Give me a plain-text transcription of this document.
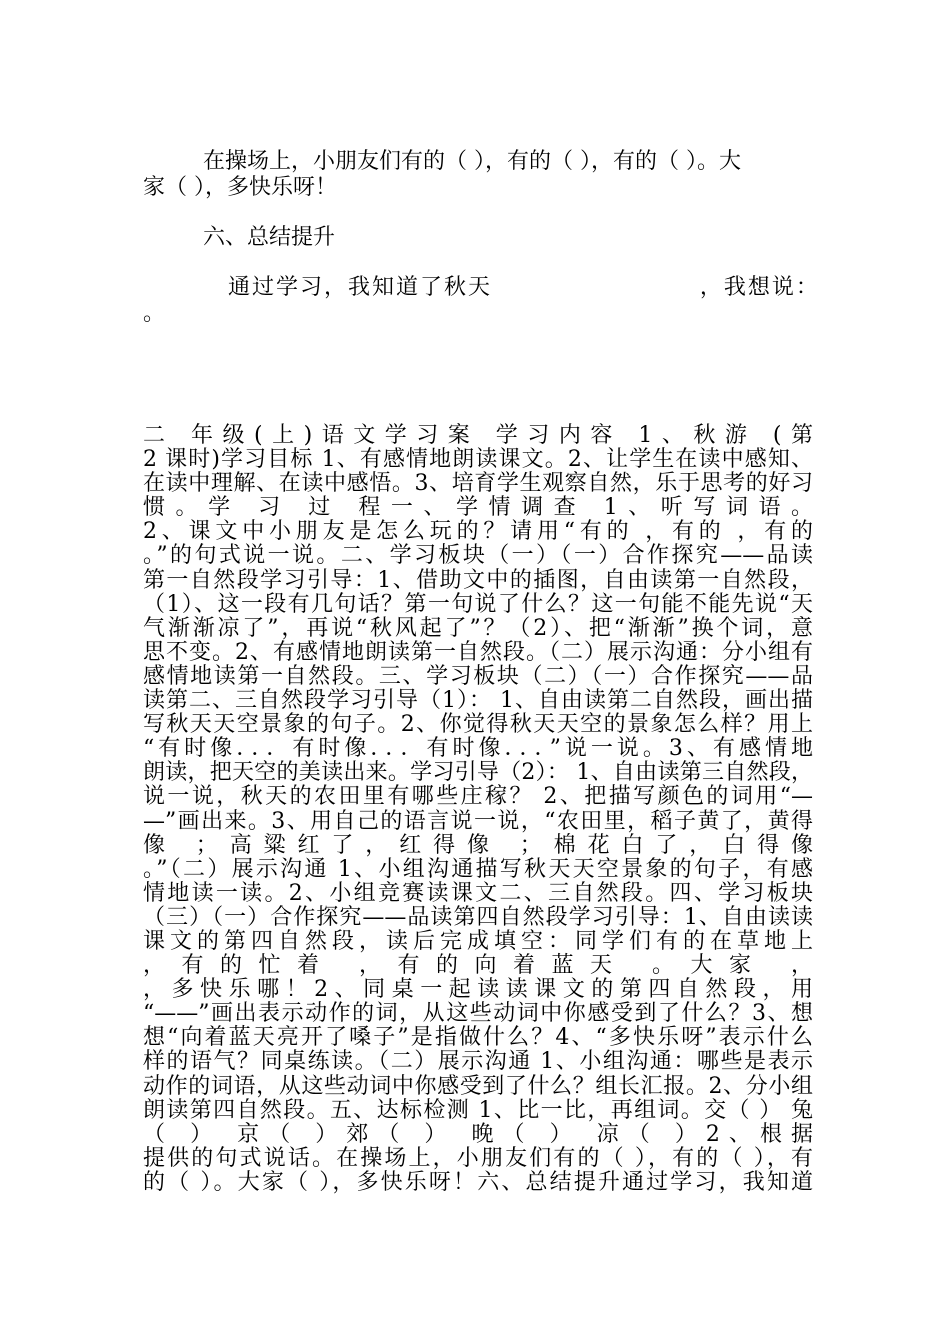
在操场上，小朋友们有的（ ），有的（ ），有的（ ）。大
家（ ），多快乐呀！
六、总结提升
通过学习，我知道了秋天                ，我想说：
。
二 年级(上)语文学习案 学习内容 1、秋游 (第
2 课时)学习目标 1、有感情地朗读课文。2、让学生在读中感知、
在读中理解、在读中感悟。3、培育学生观察自然，乐于思考的好习
惯。学 习 过 程一、学情调查 1、听写词语。
2、课文中小朋友是怎么玩的？请用“有的 ，有的 ，有的
。”的句式说一说。二、学习板块（一）（一）合作探究——品读
第一自然段学习引导：1、借助文中的插图，自由读第一自然段，
（1）、这一段有几句话？第一句说了什么？这一句能不能先说“天
气渐渐凉了”，再说“秋风起了”？（2）、把“渐渐”换个词，意
思不变。2、有感情地朗读第一自然段。（二）展示沟通：分小组有
感情地读第一自然段。三、学习板块（二）（一）合作探究——品
读第二、三自然段学习引导（1）： 1、自由读第二自然段，画出描
写秋天天空景象的句子。2、你觉得秋天天空的景象怎么样？用上
“有时像．．．有时像．．．有时像．．．”说一说。3、有感情地
朗读，把天空的美读出来。学习引导（2）： 1、自由读第三自然段，
说一说，秋天的农田里有哪些庄稼？ 2、把描写颜色的词用“—
—”画出来。3、用自己的语言说一说，“农田里，稻子黄了，黄得
像 ；高粱红了，红得像 ；棉花白了，白得像
。”（二）展示沟通 1、小组沟通描写秋天天空景象的句子，有感
情地读一读。2、小组竞赛读课文二、三自然段。四、学习板块
（三）（一）合作探究——品读第四自然段学习引导：1、自由读读
课文的第四自然段，读后完成填空：同学们有的在草地上
，有的忙着 ，有的向着蓝天 。大家 ，
，多快乐哪！2、同桌一起读读课文的第四自然段，用
“——”画出表示动作的词，从这些动词中你感受到了什么？3、想
想“向着蓝天亮开了嗓子”是指做什么？4、“多快乐呀”表示什么
样的语气？同桌练读。（二）展示沟通 1、小组沟通：哪些是表示
动作的词语，从这些动词中你感受到了什么？组长汇报。2、分小组
朗读第四自然段。五、达标检测 1、比一比，再组词。交（ ） 兔
（ ） 京（ ）郊（ ） 晚（ ） 凉（ ）2、根据
提供的句式说话。在操场上，小朋友们有的（ ），有的（ ），有
的（ ）。大家（ ），多快乐呀！六、总结提升通过学习，我知道
